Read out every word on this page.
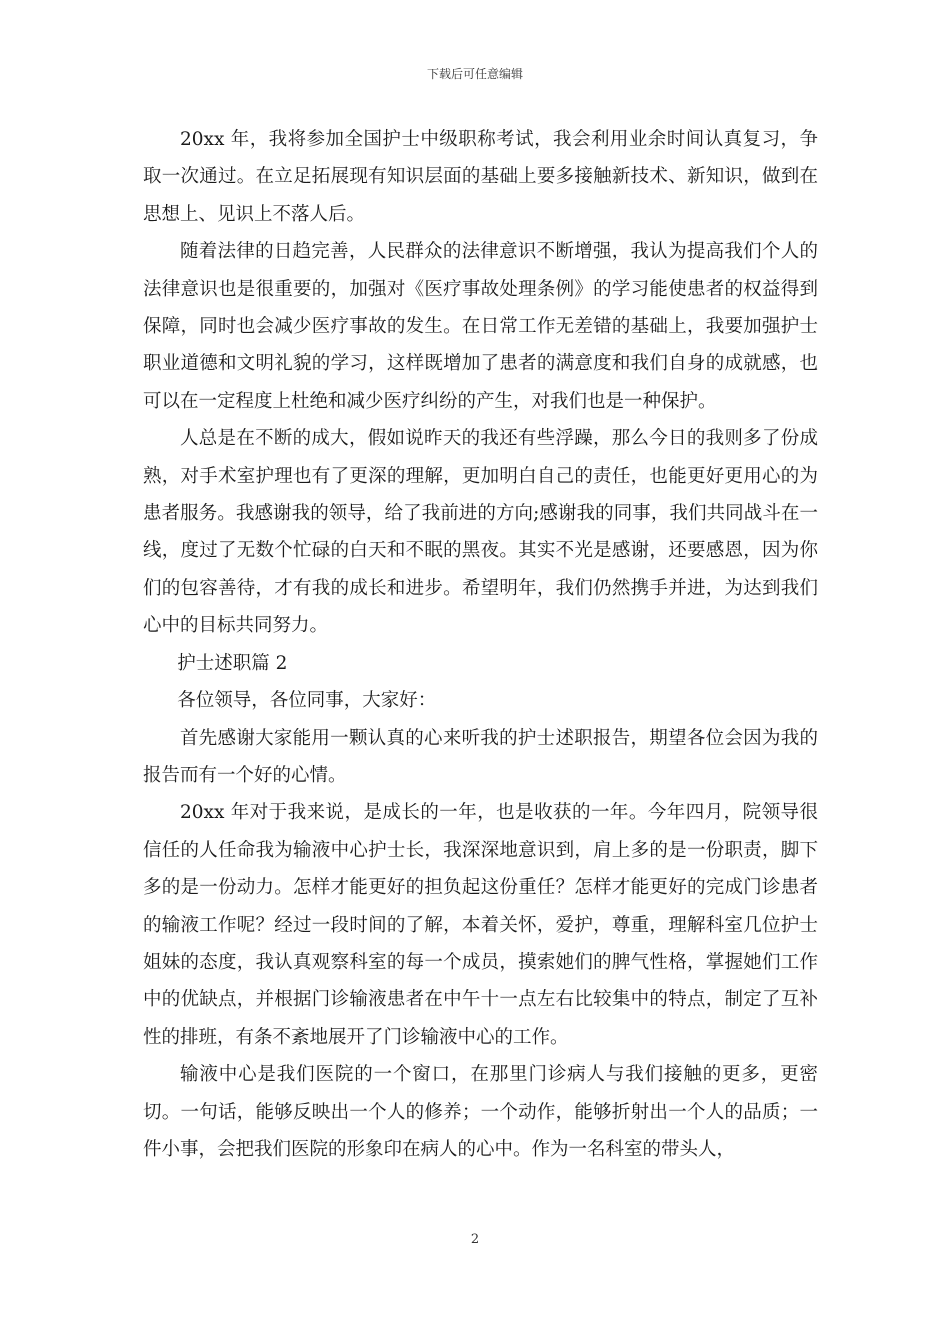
下载后可任意编辑

20xx 年，我将参加全国护士中级职称考试，我会利用业余时间认真复习，争取一次通过。在立足拓展现有知识层面的基础上要多接触新技术、新知识，做到在思想上、见识上不落人后。

随着法律的日趋完善，人民群众的法律意识不断增强，我认为提高我们个人的法律意识也是很重要的，加强对《医疗事故处理条例》的学习能使患者的权益得到保障，同时也会减少医疗事故的发生。在日常工作无差错的基础上，我要加强护士职业道德和文明礼貌的学习，这样既增加了患者的满意度和我们自身的成就感，也可以在一定程度上杜绝和减少医疗纠纷的产生，对我们也是一种保护。

人总是在不断的成大，假如说昨天的我还有些浮躁，那么今日的我则多了份成熟，对手术室护理也有了更深的理解，更加明白自己的责任，也能更好更用心的为患者服务。我感谢我的领导，给了我前进的方向;感谢我的同事，我们共同战斗在一线，度过了无数个忙碌的白天和不眠的黑夜。其实不光是感谢，还要感恩，因为你们的包容善待，才有我的成长和进步。希望明年，我们仍然携手并进，为达到我们心中的目标共同努力。

护士述职篇 2

各位领导，各位同事，大家好：

首先感谢大家能用一颗认真的心来听我的护士述职报告，期望各位会因为我的报告而有一个好的心情。

20xx 年对于我来说，是成长的一年，也是收获的一年。今年四月，院领导很信任的人任命我为输液中心护士长，我深深地意识到，肩上多的是一份职责，脚下多的是一份动力。怎样才能更好的担负起这份重任？怎样才能更好的完成门诊患者的输液工作呢？经过一段时间的了解，本着关怀，爱护，尊重，理解科室几位护士姐妹的态度，我认真观察科室的每一个成员，摸索她们的脾气性格，掌握她们工作中的优缺点，并根据门诊输液患者在中午十一点左右比较集中的特点，制定了互补性的排班，有条不紊地展开了门诊输液中心的工作。

输液中心是我们医院的一个窗口，在那里门诊病人与我们接触的更多，更密切。一句话，能够反映出一个人的修养；一个动作，能够折射出一个人的品质；一件小事，会把我们医院的形象印在病人的心中。作为一名科室的带头人，

2
